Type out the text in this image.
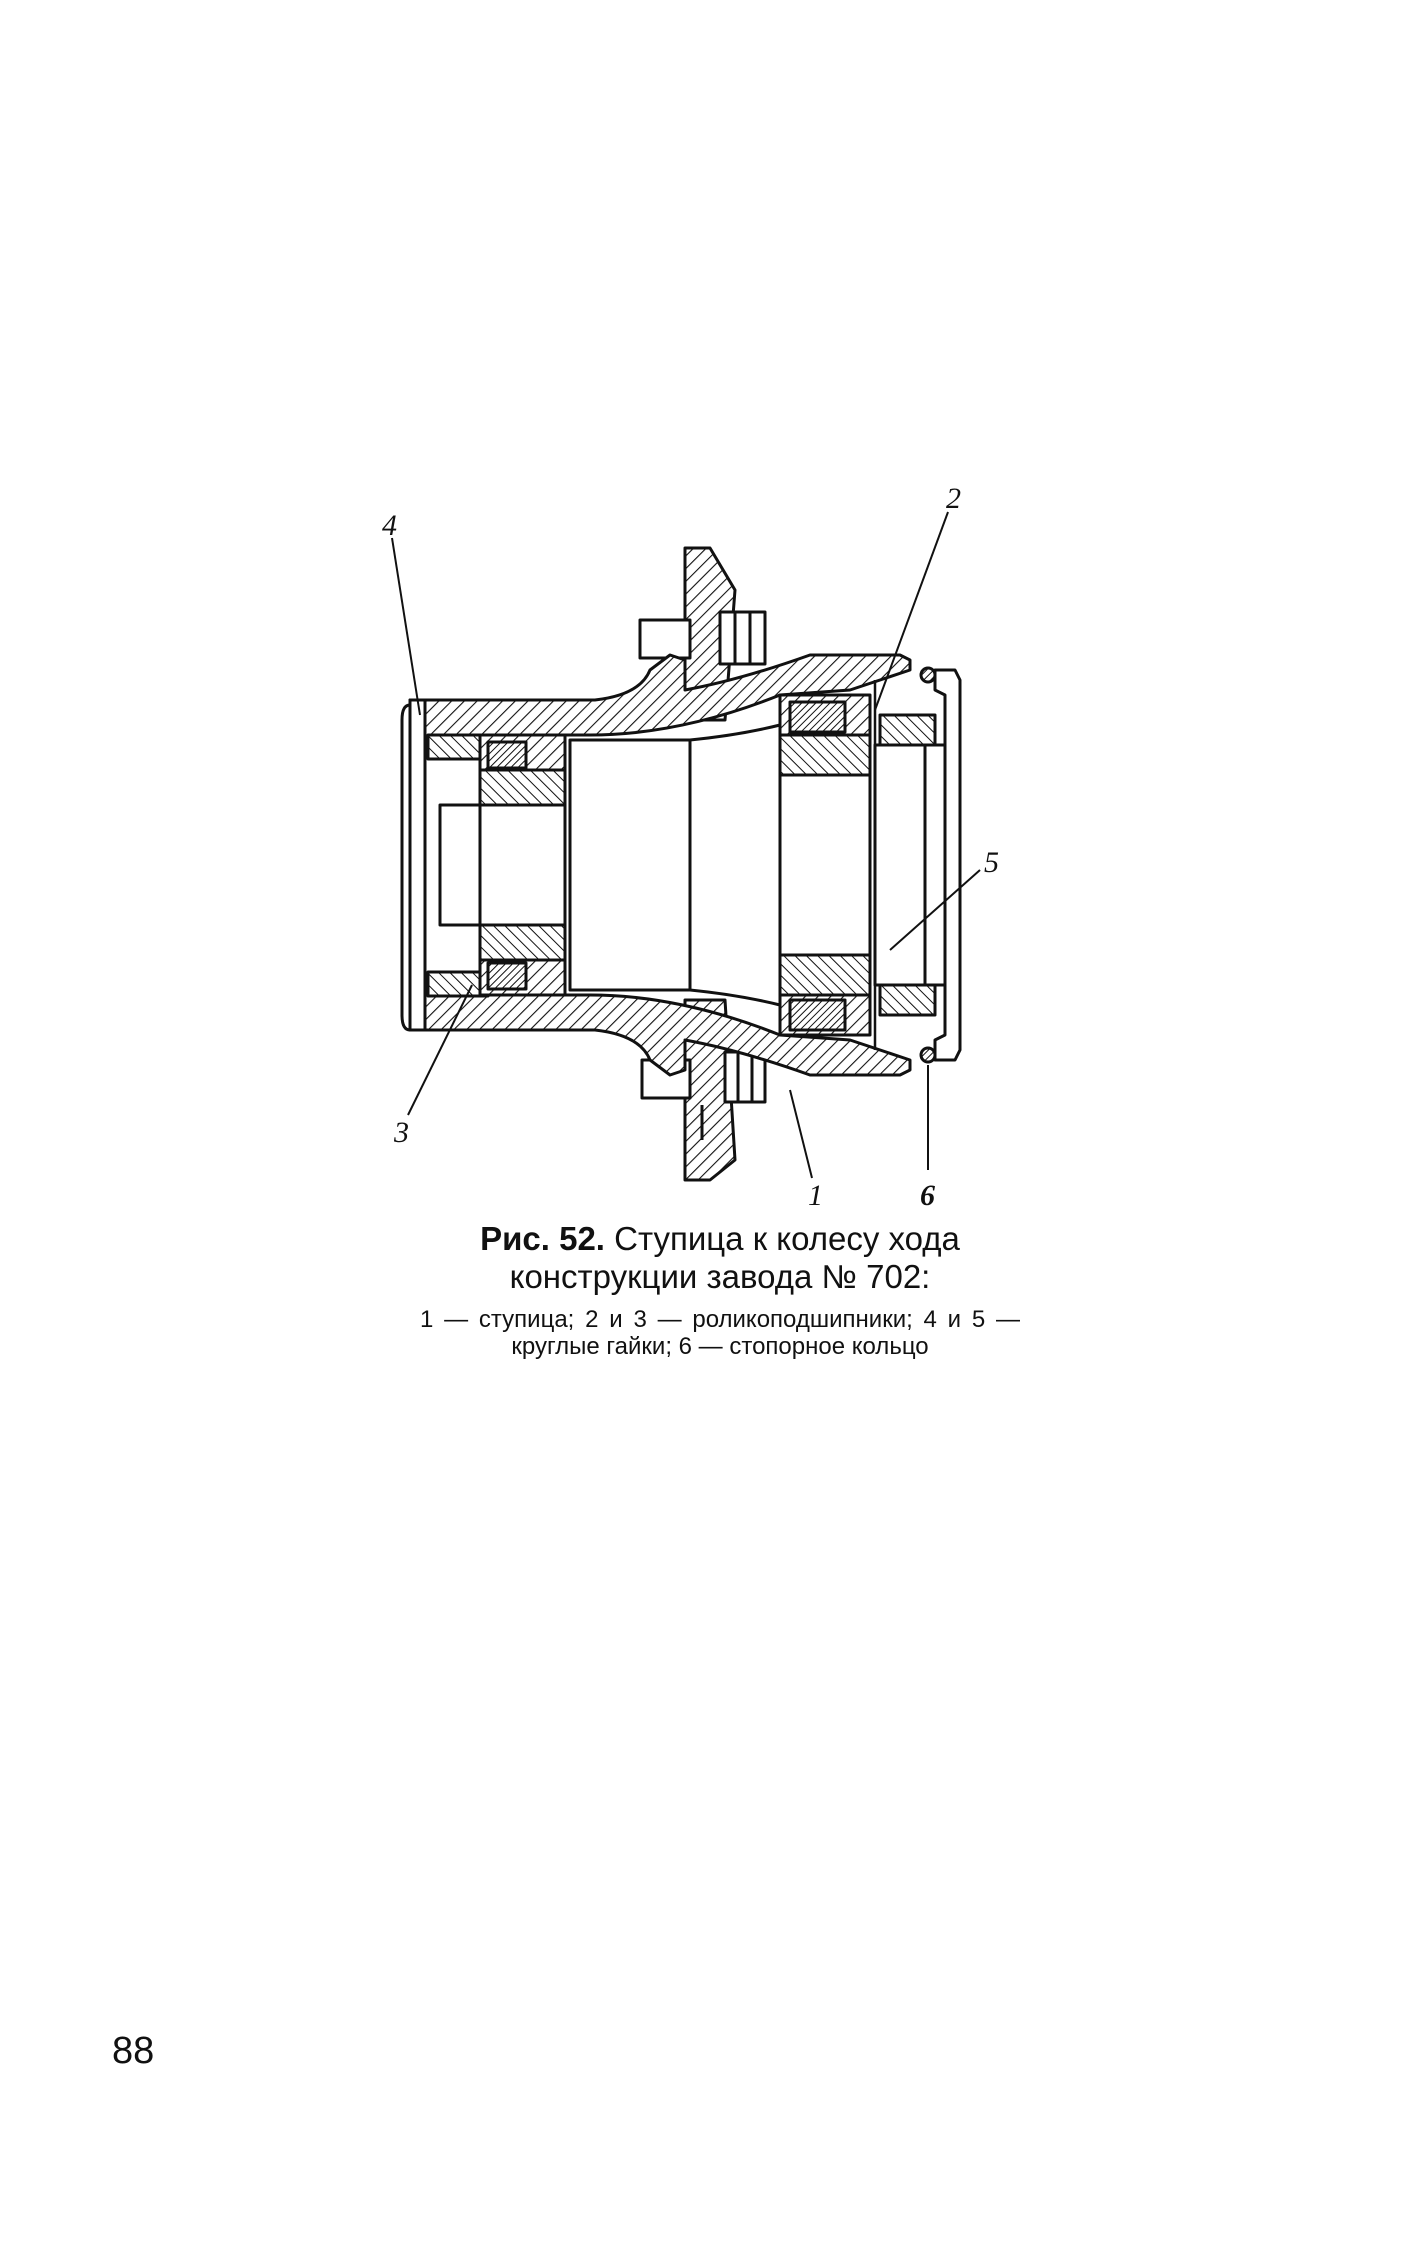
4
3
2
5
1	6

Рис. 52. Ступица к колесу хода конструкции завода № 702:

1 — ступица; 2 и 3 — роликоподшипники; 4 и 5 — круглые гайки; 6 — стопорное кольцо

88
